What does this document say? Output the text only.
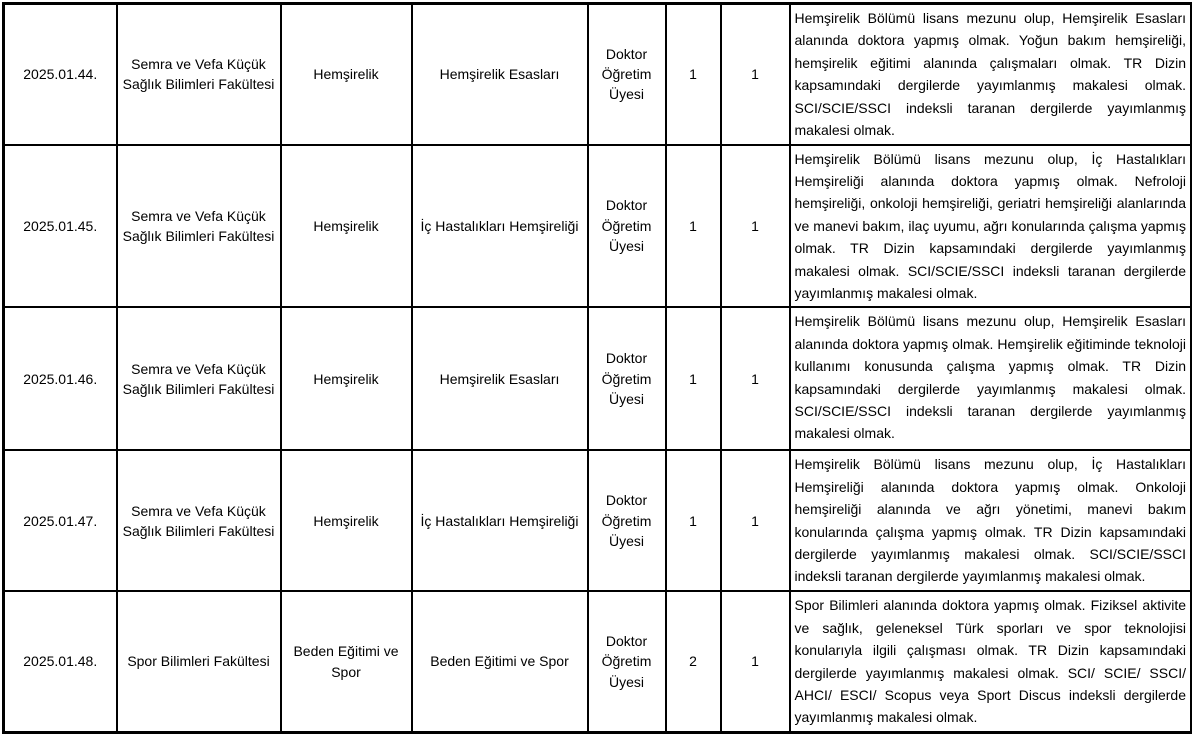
2025.01.44.	Semra ve Vefa Küçük Sağlık Bilimleri Fakültesi	Hemşirelik	Hemşirelik Esasları	Doktor Öğretim Üyesi	1	1	Hemşirelik Bölümü lisans mezunu olup, Hemşirelik Esasları alanında doktora yapmış olmak. Yoğun bakım hemşireliği, hemşirelik eğitimi alanında çalışmaları olmak. TR Dizin kapsamındaki dergilerde yayımlanmış makalesi olmak. SCI/SCIE/SSCI indeksli taranan dergilerde yayımlanmış makalesi olmak.
2025.01.45.	Semra ve Vefa Küçük Sağlık Bilimleri Fakültesi	Hemşirelik	İç Hastalıkları Hemşireliği	Doktor Öğretim Üyesi	1	1	Hemşirelik Bölümü lisans mezunu olup, İç Hastalıkları Hemşireliği alanında doktora yapmış olmak. Nefroloji hemşireliği, onkoloji hemşireliği, geriatri hemşireliği alanlarında ve manevi bakım, ilaç uyumu, ağrı konularında çalışma yapmış olmak. TR Dizin kapsamındaki dergilerde yayımlanmış makalesi olmak. SCI/SCIE/SSCI indeksli taranan dergilerde yayımlanmış makalesi olmak.
2025.01.46.	Semra ve Vefa Küçük Sağlık Bilimleri Fakültesi	Hemşirelik	Hemşirelik Esasları	Doktor Öğretim Üyesi	1	1	Hemşirelik Bölümü lisans mezunu olup, Hemşirelik Esasları alanında doktora yapmış olmak. Hemşirelik eğitiminde teknoloji kullanımı konusunda çalışma yapmış olmak. TR Dizin kapsamındaki dergilerde yayımlanmış makalesi olmak. SCI/SCIE/SSCI indeksli taranan dergilerde yayımlanmış makalesi olmak.
2025.01.47.	Semra ve Vefa Küçük Sağlık Bilimleri Fakültesi	Hemşirelik	İç Hastalıkları Hemşireliği	Doktor Öğretim Üyesi	1	1	Hemşirelik Bölümü lisans mezunu olup, İç Hastalıkları Hemşireliği alanında doktora yapmış olmak. Onkoloji hemşireliği alanında ve ağrı yönetimi, manevi bakım konularında çalışma yapmış olmak. TR Dizin kapsamındaki dergilerde yayımlanmış makalesi olmak. SCI/SCIE/SSCI indeksli taranan dergilerde yayımlanmış makalesi olmak.
2025.01.48.	Spor Bilimleri Fakültesi	Beden Eğitimi ve Spor	Beden Eğitimi ve Spor	Doktor Öğretim Üyesi	2	1	Spor Bilimleri alanında doktora yapmış olmak. Fiziksel aktivite ve sağlık, geleneksel Türk sporları ve spor teknolojisi konularıyla ilgili çalışması olmak. TR Dizin kapsamındaki dergilerde yayımlanmış makalesi olmak. SCI/ SCIE/ SSCI/ AHCI/ ESCI/ Scopus veya Sport Discus indeksli dergilerde yayımlanmış makalesi olmak.
